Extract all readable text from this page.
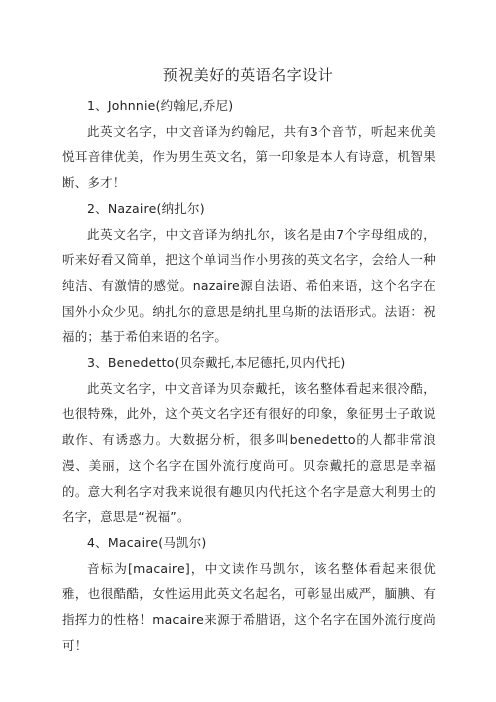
预祝美好的英语名字设计

1、Johnnie(约翰尼,乔尼)

此英文名字，中文音译为约翰尼，共有3个音节，听起来优美悦耳音律优美，作为男生英文名，第一印象是本人有诗意，机智果断、多才！

2、Nazaire(纳扎尔)

此英文名字，中文音译为纳扎尔，该名是由7个字母组成的，听来好看又简单，把这个单词当作小男孩的英文名字，会给人一种纯洁、有激情的感觉。nazaire源自法语、希伯来语，这个名字在国外小众少见。纳扎尔的意思是纳扎里乌斯的法语形式。法语：祝福的；基于希伯来语的名字。

3、Benedetto(贝奈戴托,本尼德托,贝内代托)

此英文名字，中文音译为贝奈戴托，该名整体看起来很冷酷，也很特殊，此外，这个英文名字还有很好的印象，象征男士子敢说敢作、有诱惑力。大数据分析，很多叫benedetto的人都非常浪漫、美丽，这个名字在国外流行度尚可。贝奈戴托的意思是幸福的。意大利名字对我来说很有趣贝内代托这个名字是意大利男士的名字，意思是“祝福”。

4、Macaire(马凯尔)

音标为[macaire]，中文读作马凯尔，该名整体看起来很优雅，也很酷酷，女性运用此英文名起名，可彰显出威严，腼腆、有指挥力的性格！macaire来源于希腊语，这个名字在国外流行度尚可！
